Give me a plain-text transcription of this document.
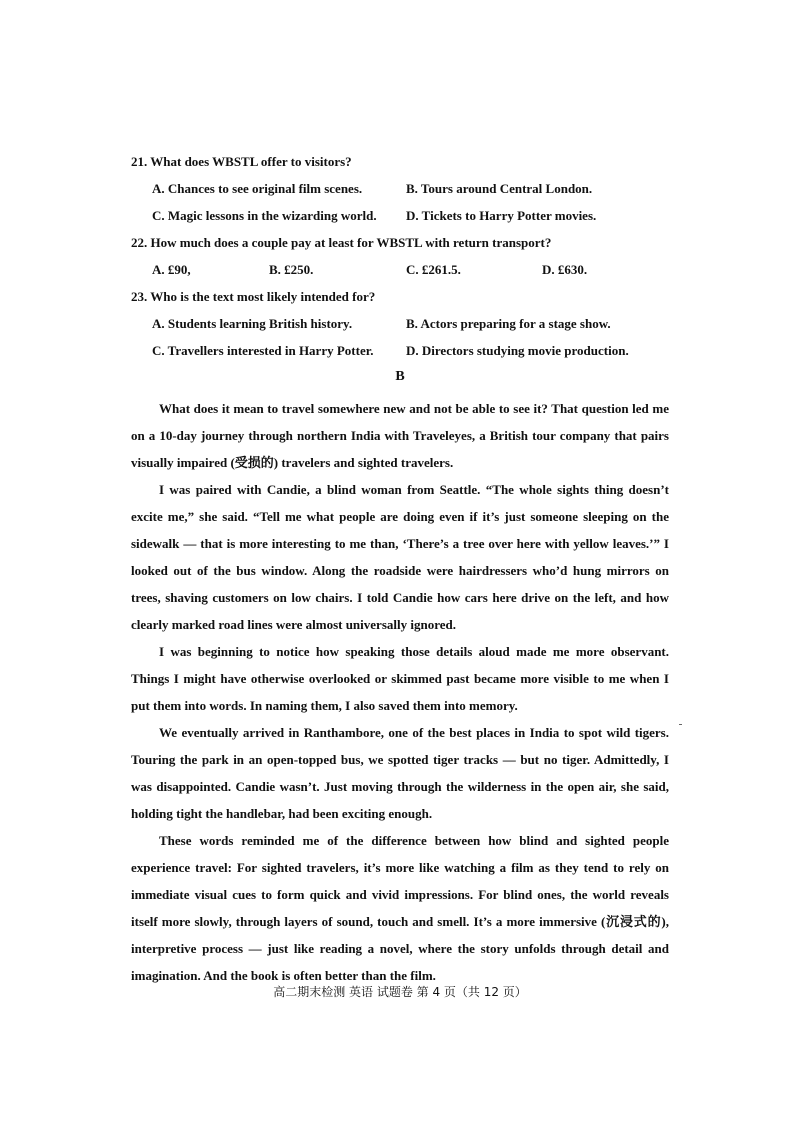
21. What does WBSTL offer to visitors?
A. Chances to see original film scenes.	B. Tours around Central London.
C. Magic lessons in the wizarding world. D. Tickets to Harry Potter movies.
22. How much does a couple pay at least for WBSTL with return transport?
A. £90,	B. £250.	C. £261.5.	D. £630.
23. Who is the text most likely intended for?
A. Students learning British history.	B. Actors preparing for a stage show.
C. Travellers interested in Harry Potter. D. Directors studying movie production.
B

What does it mean to travel somewhere new and not be able to see it? That question led me on a 10-day journey through northern India with Traveleyes, a British tour company that pairs visually impaired (受损的) travelers and sighted travelers.

I was paired with Candie, a blind woman from Seattle. “The whole sights thing doesn’t excite me,” she said. “Tell me what people are doing even if it’s just someone sleeping on the sidewalk — that is more interesting to me than, ‘There’s a tree over here with yellow leaves.’” I looked out of the bus window. Along the roadside were hairdressers who’d hung mirrors on trees, shaving customers on low chairs. I told Candie how cars here drive on the left, and how clearly marked road lines were almost universally ignored.

I was beginning to notice how speaking those details aloud made me more observant. Things I might have otherwise overlooked or skimmed past became more visible to me when I put them into words. In naming them, I also saved them into memory.

We eventually arrived in Ranthambore, one of the best places in India to spot wild tigers. Touring the park in an open-topped bus, we spotted tiger tracks — but no tiger. Admittedly, I was disappointed. Candie wasn’t. Just moving through the wilderness in the open air, she said, holding tight the handlebar, had been exciting enough.

These words reminded me of the difference between how blind and sighted people experience travel: For sighted travelers, it’s more like watching a film as they tend to rely on immediate visual cues to form quick and vivid impressions. For blind ones, the world reveals itself more slowly, through layers of sound, touch and smell. It’s a more immersive (沉浸式的), interpretive process — just like reading a novel, where the story unfolds through detail and imagination. And the book is often better than the film.

高二期末检测 英语 试题卷 第 4 页（共 12 页）
